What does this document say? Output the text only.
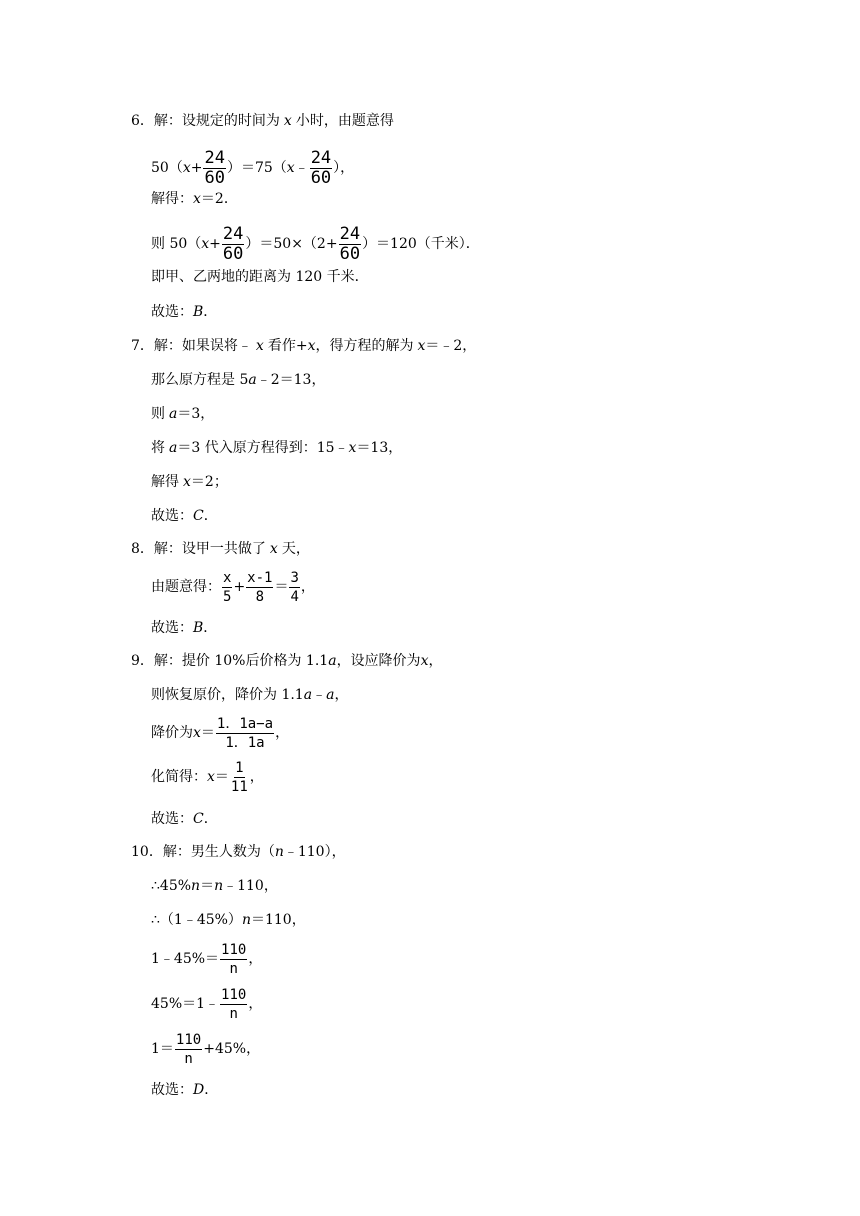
6．解：设规定的时间为 x 小时，由题意得
50（ $x + \frac{24}{60} )=75$（ x ﹣ $\frac{24}{60}$ ），
解得： x ＝2．
则 50（ $x + \frac{24}{60} )=50\times(2+ \frac{24}{60} )=120$（千米）．
即甲、乙两地的距离为 120 千米．
故选： B ．
7．解：如果误将﹣ x 看作+ x ，得方程的解为 x ＝﹣2，
那么原方程是 5 a ﹣2＝13，
则 a ＝3，
将 a ＝3 代入原方程得到：15﹣ x ＝13，
解得 x ＝2；
故选： C ．
8．解：设甲一共做了 x 天，
由题意得： $\frac{x}{5} + \frac{x-1}{8} = \frac{3}{4}$ ，
故选： B ．
9．解：提价 10%后价格为 1.1 a ，设应降价为 x ，
则恢复原价，降价为 1.1 a ﹣ a ，
降价为 $x = \frac{1.1a-a}{1.1a}$ ，
化简得： $x = \frac{1}{11}$ ，
故选： C ．
10．解：男生人数为（ n ﹣110），
∴45% n ＝ n ﹣110，
∴（1﹣45%） n ＝110，
1﹣45%＝ $\frac{110}{n}$ ，
45%＝1﹣ $\frac{110}{n}$ ，
$1= \frac{110}{n} +45\%$，
故选： D ．
